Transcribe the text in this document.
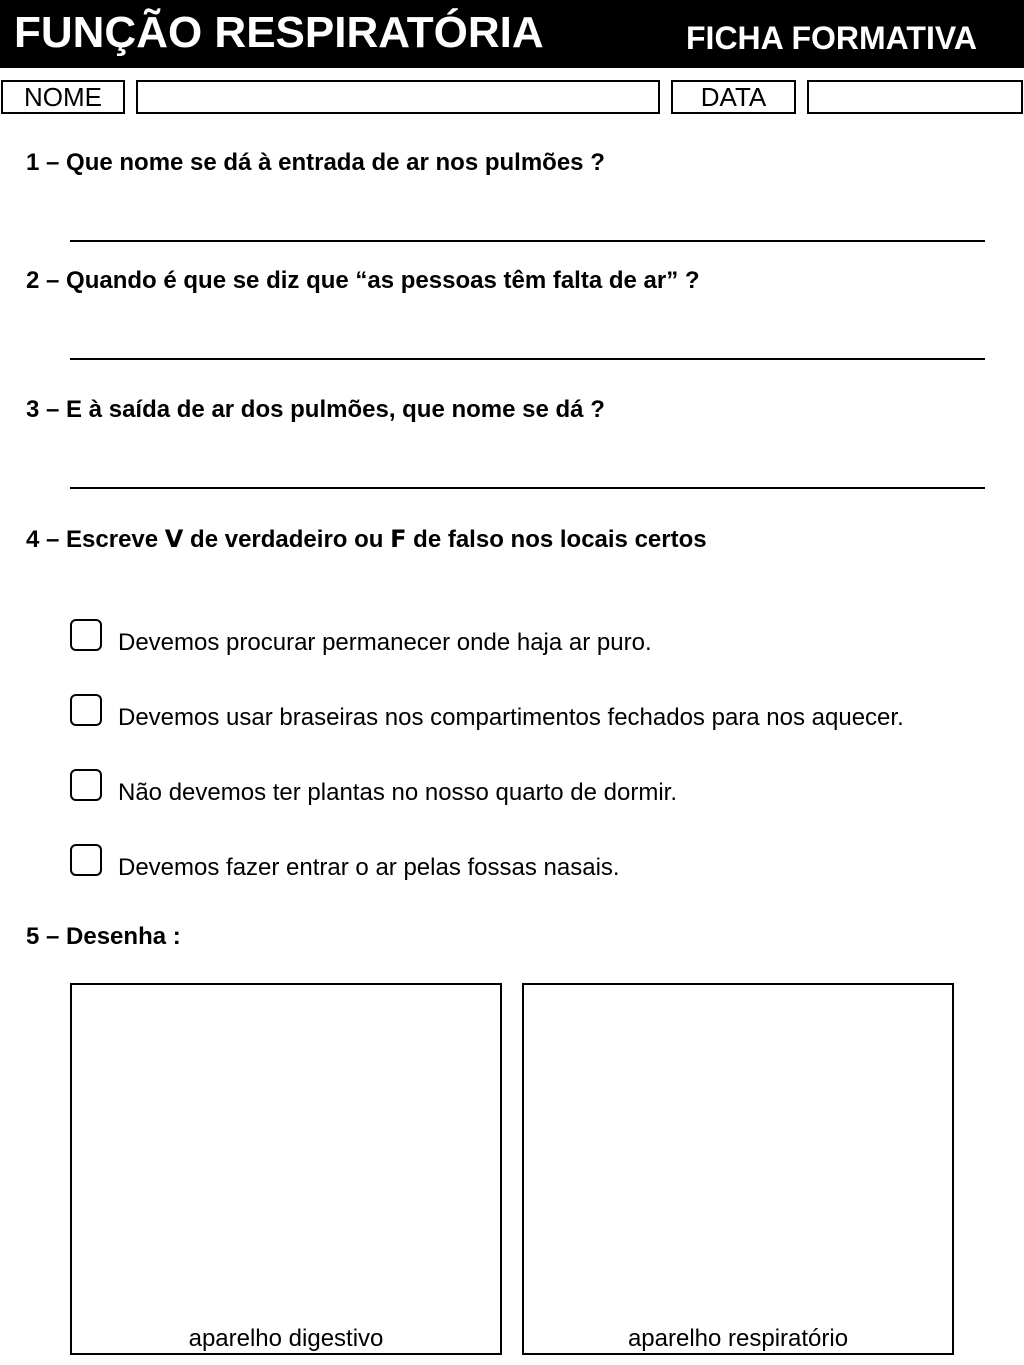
FUNÇÃO RESPIRATÓRIA	FICHA FORMATIVA
NOME	DATA
1 – Que nome se dá à entrada de ar nos pulmões ?
2 – Quando é que se diz que “as pessoas têm falta de ar” ?
3 – E à saída de ar dos pulmões, que nome se dá ?
4 – Escreve V de verdadeiro ou F de falso nos locais certos
Devemos procurar permanecer onde haja ar puro.
Devemos usar braseiras nos compartimentos fechados para nos aquecer.
Não devemos ter plantas no nosso quarto de dormir.
Devemos fazer entrar o ar pelas fossas nasais.
5 – Desenha :
aparelho digestivo	aparelho respiratório
